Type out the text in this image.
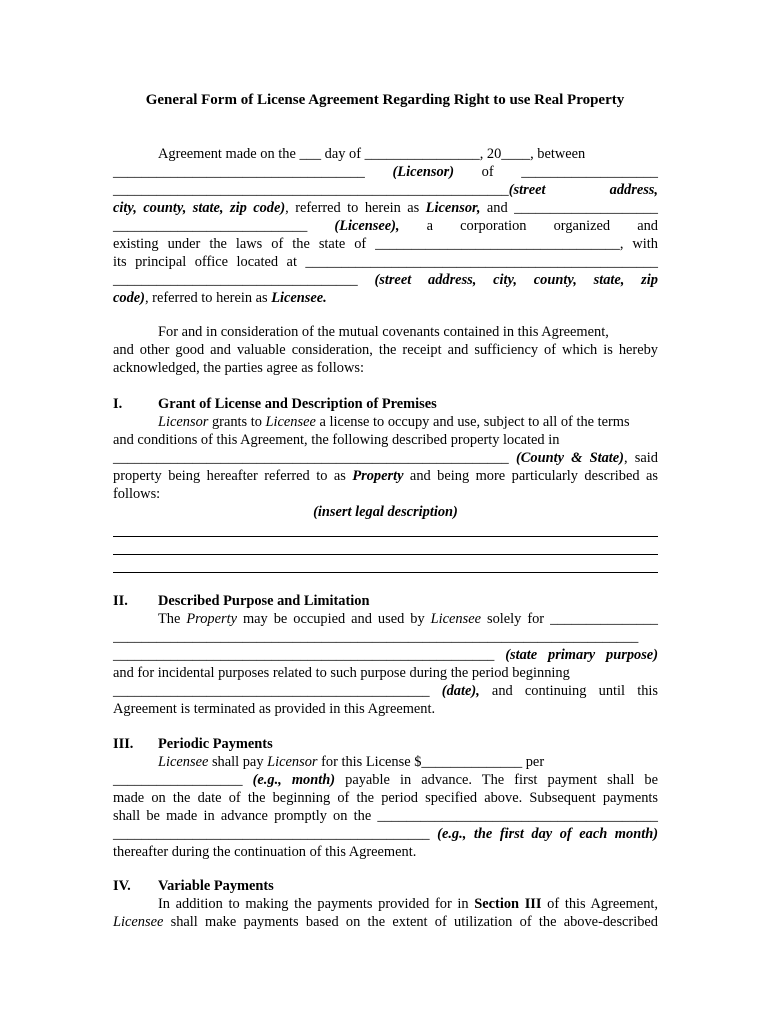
General Form of License Agreement Regarding Right to use Real Property
Agreement made on the ___ day of ________________, 20____, between
___________________________________ (Licensor) of ___________________
_______________________________________________________(street address,
city, county, state, zip code), referred to herein as Licensor, and ____________________
___________________________ (Licensee), a corporation organized and
existing under the laws of the state of __________________________________, with
its principal office located at _________________________________________________
__________________________________ (street address, city, county, state, zip
code), referred to herein as Licensee.
For and in consideration of the mutual covenants contained in this Agreement,
and other good and valuable consideration, the receipt and sufficiency of which is hereby
acknowledged, the parties agree as follows:
I. Grant of License and Description of Premises
Licensor grants to Licensee a license to occupy and use, subject to all of the terms
and conditions of this Agreement, the following described property located in
_______________________________________________________ (County & State), said
property being hereafter referred to as Property and being more particularly described as
follows:
(insert legal description)
II. Described Purpose and Limitation
The Property may be occupied and used by Licensee solely for _______________
_________________________________________________________________________
_____________________________________________________ (state primary purpose)
and for incidental purposes related to such purpose during the period beginning
____________________________________________ (date), and continuing until this
Agreement is terminated as provided in this Agreement.
III. Periodic Payments
Licensee shall pay Licensor for this License $______________ per
__________________ (e.g., month) payable in advance. The first payment shall be
made on the date of the beginning of the period specified above. Subsequent payments
shall be made in advance promptly on the _______________________________________
____________________________________________ (e.g., the first day of each month)
thereafter during the continuation of this Agreement.
IV. Variable Payments
In addition to making the payments provided for in Section III of this Agreement,
Licensee shall make payments based on the extent of utilization of the above-described
